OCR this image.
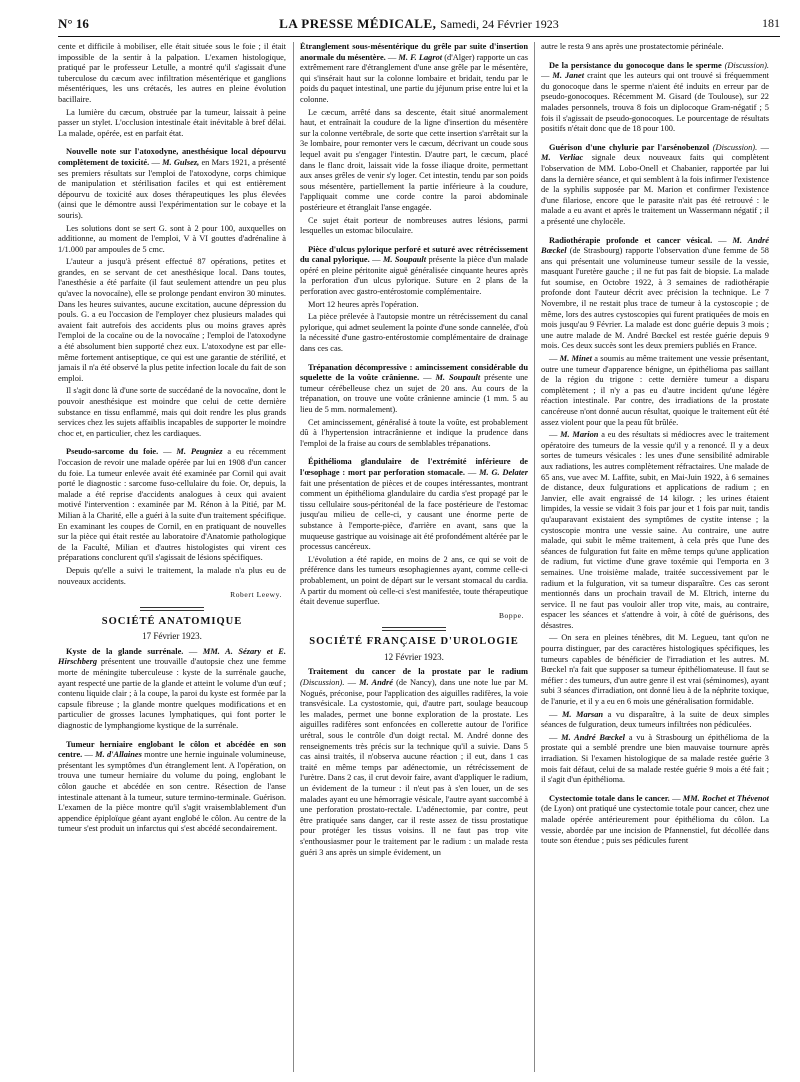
N° 16	LA PRESSE MÉDICALE, Samedi, 24 Février 1923	181

cente et difficile à mobiliser, elle était située sous le foie ; il était impossible de la sentir à la palpation. L'examen histologique, pratiqué par le professeur Letulle, a montré qu'il s'agissait d'une tuberculose du cæcum avec infiltration mésentérique et ganglions mésentériques, les uns crétacés, les autres en pleine évolution bacillaire.

La lumière du cæcum, obstruée par la tumeur, laissait à peine passer un stylet. L'occlusion intestinale était inévitable à bref délai. La malade, opérée, est en parfait état.

Nouvelle note sur l'atoxodyne, anesthésique local dépourvu complètement de toxicité. — M. Gulsez, en Mars 1921, a présenté ses premiers résultats sur l'emploi de l'atoxodyne, corps chimique de manipulation et stérilisation faciles et qui est entièrement dépourvu de toxicité aux doses thérapeutiques les plus élevées (ainsi que le démontre aussi l'expérimentation sur le cobaye et la souris).

Les solutions dont se sert G. sont à 2 pour 100, auxquelles on additionne, au moment de l'emploi, V à VI gouttes d'adrénaline à 1/1.000 par ampoules de 5 cmc.

L'auteur a jusqu'à présent effectué 87 opérations, petites et grandes, en se servant de cet anesthésique local. Dans toutes, l'anesthésie a été parfaite (il faut seulement attendre un peu plus qu'avec la novocaïne), elle se prolonge pendant environ 30 minutes. Dans les heures suivantes, aucune excitation, aucune dépression du pouls. G. a eu l'occasion de l'employer chez plusieurs malades qui avaient fait autrefois des accidents plus ou moins graves après l'emploi de la cocaïne ou de la novocaïne ; l'emploi de l'atoxodyne a été absolument bien supporté chez eux. L'atoxodyne est par elle-même fortement antiseptique, ce qui est une garantie de stérilité, et jamais il n'a été observé la plus petite infection locale du fait de son emploi.

Il s'agit donc là d'une sorte de succédané de la novocaïne, dont le pouvoir anesthésique est moindre que celui de cette dernière substance en tissu enflammé, mais qui doit rendre les plus grands services chez les sujets affaiblis incapables de supporter le moindre choc et, en particulier, chez les cardiaques.

Pseudo-sarcome du foie. — M. Peugniez a eu récemment l'occasion de revoir une malade opérée par lui en 1908 d'un cancer du foie. La tumeur enlevée avait été examinée par Cornil qui avait porté le diagnostic : sarcome fuso-cellulaire du foie. Or, depuis, la malade a été reprise d'accidents analogues à ceux qui avaient motivé l'intervention : examinée par M. Rénon à la Pitié, par M. Milian à la Charité, elle a guéri à la suite d'un traitement spécifique. En examinant les coupes de Cornil, en en pratiquant de nouvelles sur la pièce qui était restée au laboratoire d'Anatomie pathologique de la Faculté, Milian et d'autres histologistes qui virent ces préparations conclurent qu'il s'agissait de lésions spécifiques.

Depuis qu'elle a suivi le traitement, la malade n'a plus eu de nouveaux accidents.

Robert Leewy.

SOCIÉTÉ ANATOMIQUE
17 Février 1923.

Kyste de la glande surrénale. — MM. A. Sézary et E. Hirschberg présentent une trouvaille d'autopsie chez une femme morte de méningite tuberculeuse : kyste de la surrénale gauche, ayant respecté une partie de la glande et atteint le volume d'un œuf ; contenu liquide clair ; à la coupe, la paroi du kyste est formée par la capsule fibreuse ; la glande montre quelques modifications et en particulier de grosses lacunes lymphatiques, qui font porter le diagnostic de lymphangiome kystique de la surrénale.

Tumeur herniaire englobant le côlon et abcédée en son centre. — M. d'Allaines montre une hernie inguinale volumineuse, présentant les symptômes d'un étranglement lent. A l'opération, on trouva une tumeur herniaire du volume du poing, englobant le côlon gauche et abcédée en son centre. Résection de l'anse intestinale attenant à la tumeur, suture termino-terminale. Guérison. L'examen de la pièce montre qu'il s'agit vraisemblablement d'un appendice épiploïque géant ayant englobé le côlon. Au centre de la tumeur s'est produit un infarctus qui s'est abcédé secondairement.

Étranglement sous-mésentérique du grêle par suite d'insertion anormale du mésentère. — M. F. Lagrot (d'Alger) rapporte un cas extrêmement rare d'étranglement d'une anse grêle par le mésentère, qui s'insérait haut sur la colonne lombaire et bridait, tendu par le poids du paquet intestinal, une partie du jéjunum prise entre lui et la colonne.

Le cæcum, arrêté dans sa descente, était situé anormalement haut, et entraînait la coudure de la ligne d'insertion du mésentère sur la colonne vertébrale, de sorte que cette insertion s'arrêtait sur la 3e lombaire, pour remonter vers le cæcum, décrivant un coude sous lequel avait pu s'engager l'intestin. D'autre part, le cæcum, placé dans le flanc droit, laissait vide la fosse iliaque droite, permettant aux anses grêles de venir s'y loger. Cet intestin, tendu par son poids sous mésentère, partiellement la partie inférieure à la coudure, l'appliquait comme une corde contre la paroi abdominale postérieure et étranglait l'anse engagée.

Ce sujet était porteur de nombreuses autres lésions, parmi lesquelles un estomac biloculaire.

Pièce d'ulcus pylorique perforé et suturé avec rétrécissement du canal pylorique. — M. Soupault présente la pièce d'un malade opéré en pleine péritonite aiguë généralisée cinquante heures après la perforation d'un ulcus pylorique. Suture en 2 plans de la perforation avec gastro-entérostomie complémentaire.

Mort 12 heures après l'opération.

La pièce prélevée à l'autopsie montre un rétrécissement du canal pylorique, qui admet seulement la pointe d'une sonde cannelée, d'où la nécessité d'une gastro-entérostomie complémentaire de drainage dans ces cas.

Trépanation décompressive : amincissement considérable du squelette de la voûte crânienne. — M. Soupault présente une tumeur cérébelleuse chez un sujet de 20 ans. Au cours de la trépanation, on trouve une voûte crânienne amincie (1 mm. 5 au lieu de 5 mm. normalement).

Cet amincissement, généralisé à toute la voûte, est probablement dû à l'hypertension intracrânienne et indique la prudence dans l'emploi de la fraise au cours de semblables trépanations.

Épithélioma glandulaire de l'extrémité inférieure de l'œsophage : mort par perforation stomacale. — M. G. Delater fait une présentation de pièces et de coupes intéressantes, montrant comment un épithélioma glandulaire du cardia s'est propagé par le tissu cellulaire sous-péritonéal de la face postérieure de l'estomac jusqu'au milieu de celle-ci, y causant une énorme perte de substance à l'emporte-pièce, d'arrière en avant, sans que la muqueuse gastrique au voisinage ait été profondément altérée par le processus cancéreux.

L'évolution a été rapide, en moins de 2 ans, ce qui se voit de préférence dans les tumeurs œsophagiennes ayant, comme celle-ci probablement, un point de départ sur le versant stomacal du cardia. A partir du moment où celle-ci s'est manifestée, toute thérapeutique était devenue superflue.

Boppe.

SOCIÉTÉ FRANÇAISE D'UROLOGIE
12 Février 1923.

Traitement du cancer de la prostate par le radium (Discussion). — M. André (de Nancy), dans une note lue par M. Nogués, préconise, pour l'application des aiguilles radifères, la voie transvésicale. La cystostomie, qui, d'autre part, soulage beaucoup les malades, permet une bonne exploration de la prostate. Les aiguilles radifères sont enfoncées en collerette autour de l'orifice urétral, sous le contrôle d'un doigt rectal. M. André donne des renseignements très précis sur la technique qu'il a suivie. Dans 5 cas ainsi traités, il n'observa aucune réaction ; il eut, dans 1 cas traité en même temps par adénectomie, un rétrécissement de l'urètre. Dans 2 cas, il crut devoir faire, avant d'appliquer le radium, un évidement de la tumeur : il n'eut pas à s'en louer, un de ses malades ayant eu une hémorragie vésicale, l'autre ayant succombé à une perforation prostato-rectale. L'adénectomie, par contre, peut être pratiquée sans danger, car il reste assez de tissu prostatique pour protéger les tissus voisins. Il ne faut pas trop vite s'enthousiasmer pour le traitement par le radium : un malade resta guéri 3 ans après un simple évidement, un

autre le resta 9 ans après une prostatectomie périnéale.

De la persistance du gonocoque dans le sperme (Discussion). — M. Janet craint que les auteurs qui ont trouvé si fréquemment du gonocoque dans le sperme n'aient été induits en erreur par de pseudo-gonocoques. Récemment M. Gisard (de Toulouse), sur 22 malades personnels, trouva 8 fois un diplocoque Gram-négatif ; 5 fois il s'agissait de pseudo-gonocoques. Le pourcentage de résultats positifs n'était donc que de 18 pour 100.

Guérison d'une chylurie par l'arsénobenzol (Discussion). — M. Verliac signale deux nouveaux faits qui complètent l'observation de MM. Lobo-Onell et Chabanier, rapportée par lui dans la dernière séance, et qui semblent à la fois infirmer l'existence de la syphilis supposée par M. Marion et confirmer l'existence d'une filariose, encore que le parasite n'ait pas été retrouvé : le malade a eu avant et après le traitement un Wassermann négatif ; il a présenté une chylocèle.

Radiothérapie profonde et cancer vésical. — M. André Bœckel (de Strasbourg) rapporte l'observation d'une femme de 58 ans qui présentait une volumineuse tumeur sessile de la vessie, masquant l'uretère gauche ; il ne fut pas fait de biopsie. La malade fut soumise, en Octobre 1922, à 3 semaines de radiothérapie profonde dont l'auteur décrit avec précision la technique. Le 7 Novembre, il ne restait plus trace de tumeur à la cystoscopie ; de même, lors des autres cystoscopies qui furent pratiquées de mois en mois jusqu'au 9 Février. La malade est donc guérie depuis 3 mois ; une autre malade de M. André Bœckel est restée guérie depuis 9 mois. Ces deux succès sont les deux premiers publiés en France.

— M. Minet a soumis au même traitement une vessie présentant, outre une tumeur d'apparence bénigne, un épithélioma pas saillant de la région du trigone : cette dernière tumeur a disparu complètement ; il n'y a pas eu d'autre incident qu'une légère réaction intestinale. Par contre, des irradiations de la prostate cancéreuse n'ont donné aucun résultat, quoique le traitement eût été assez violent pour que la peau fût brûlée.

— M. Marion a eu des résultats si médiocres avec le traitement opératoire des tumeurs de la vessie qu'il y a renoncé. Il y a deux sortes de tumeurs vésicales : les unes d'une sensibilité admirable aux radiations, les autres complètement réfractaires. Une malade de 65 ans, vue avec M. Laffite, subit, en Mai-Juin 1922, à 6 semaines de distance, deux fulgurations et applications de radium ; en Janvier, elle avait engraissé de 14 kilogr. ; les urines étaient limpides, la vessie se vidait 3 fois par jour et 1 fois par nuit, tandis qu'auparavant existaient des symptômes de cystite intense ; la cystoscopie montra une vessie saine. Au contraire, une autre malade, qui subit le même traitement, à cela près que l'une des séances de fulguration fut faite en même temps qu'une application de radium, fut victime d'une grave toxémie qui l'emporta en 3 semaines. Une troisième malade, traitée successivement par le radium et la fulguration, vit sa tumeur disparaître. Ces cas seront mentionnés dans un prochain travail de M. Eltrich, interne du service. Il ne faut pas vouloir aller trop vite, mais, au contraire, espacer les séances et s'attendre à voir, à côté de guérisons, des désastres.

— On sera en pleines ténèbres, dit M. Legueu, tant qu'on ne pourra distinguer, par des caractères histologiques spécifiques, les tumeurs capables de bénéficier de l'irradiation et les autres. M. Bœckel n'a fait que supposer sa tumeur épithéliomateuse. Il faut se méfier : des tumeurs, d'un autre genre il est vrai (séminomes), ayant subi 3 séances d'irradiation, ont donné lieu à de la néphrite toxique, de l'anurie, et il y a eu en 6 mois une généralisation formidable.

— M. Marsan a vu disparaître, à la suite de deux simples séances de fulguration, deux tumeurs infiltrées non pédiculées.

— M. André Bœckel a vu à Strasbourg un épithélioma de la prostate qui a semblé prendre une bien mauvaise tournure après irradiation. Si l'examen histologique de sa malade restée guérie 3 mois fait défaut, celui de sa malade restée guérie 9 mois a été fait ; il s'agit d'un épithélioma.

Cystectomie totale dans le cancer. — MM. Rochet et Thévenot (de Lyon) ont pratiqué une cystectomie totale pour cancer, chez une malade opérée antérieurement pour épithélioma du côlon. La vessie, abordée par une incision de Pfannenstiel, fut décollée dans toute son étendue ; puis ses pédicules furent
